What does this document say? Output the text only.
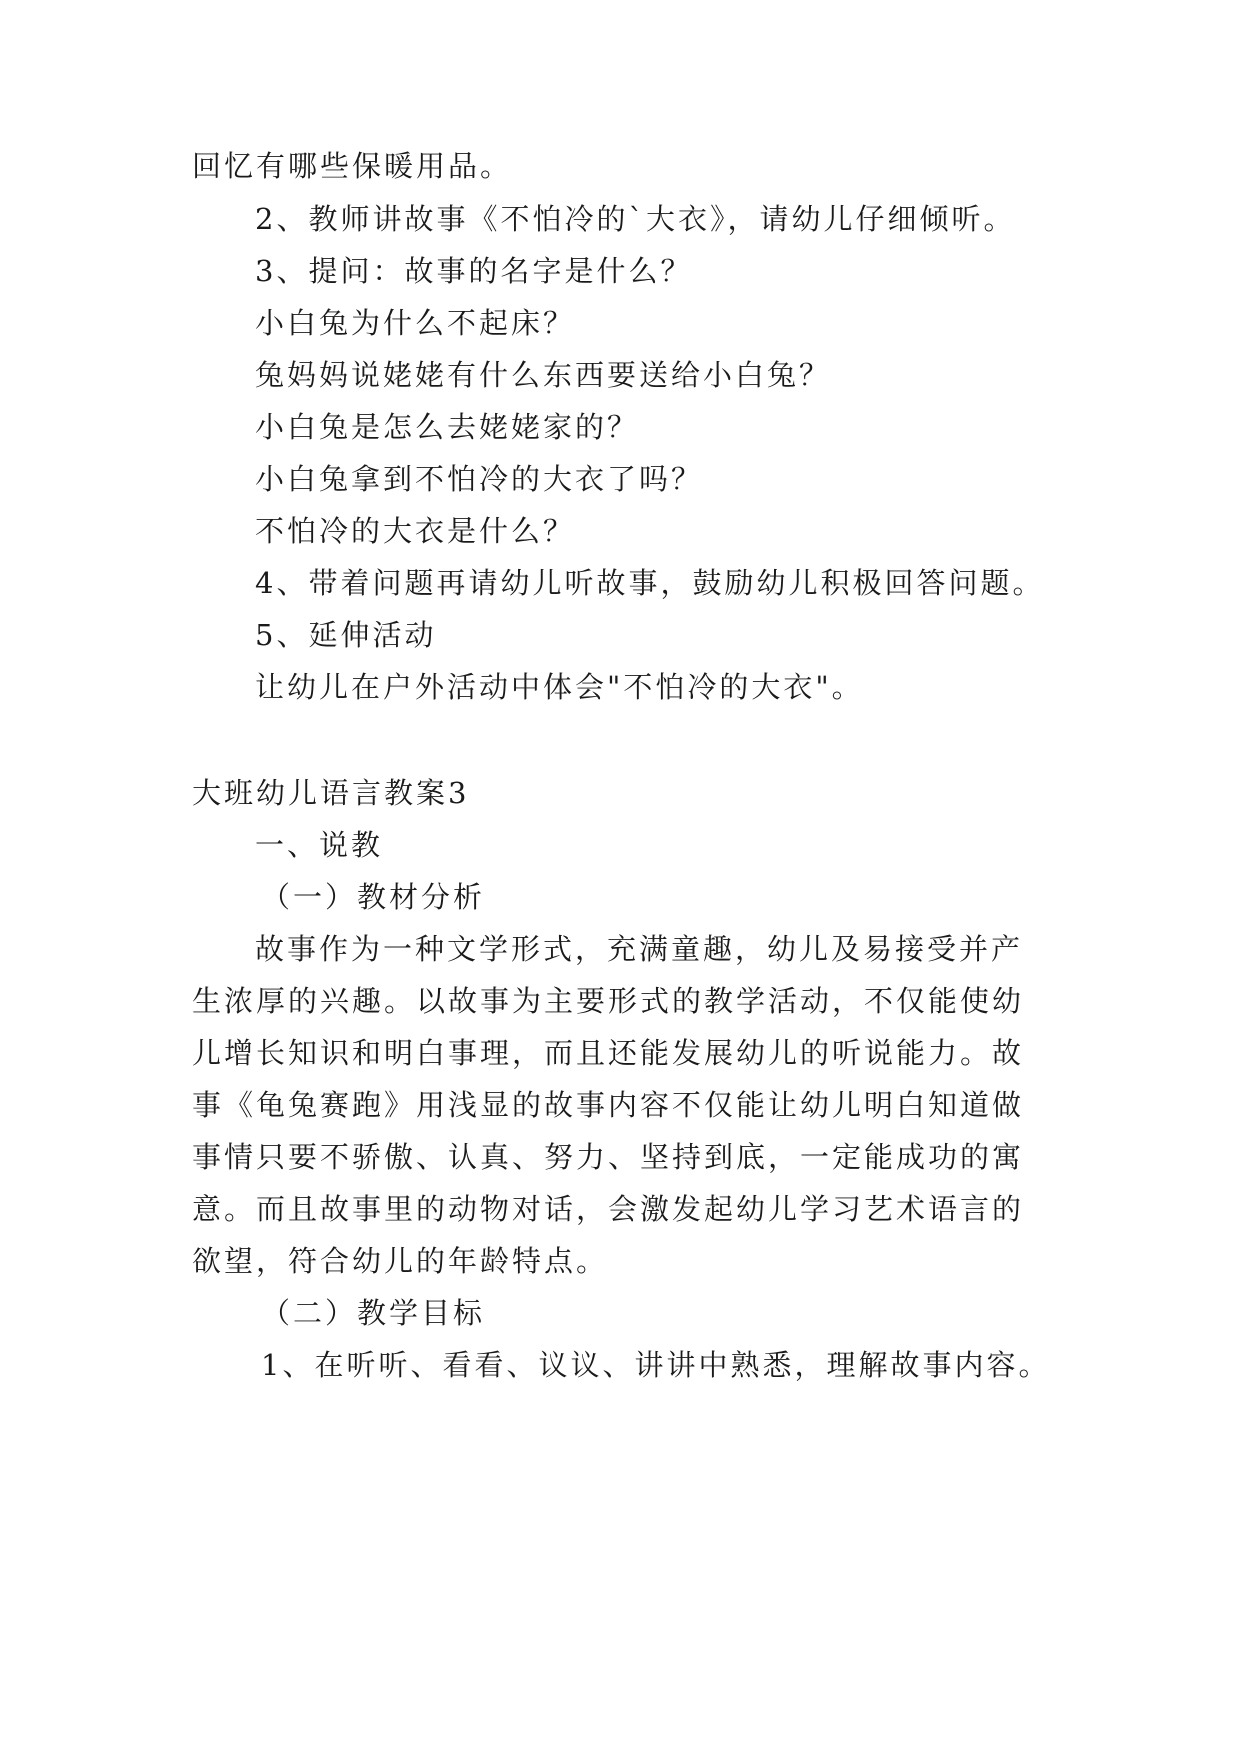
回忆有哪些保暖用品。
2、教师讲故事《不怕冷的`大衣》，请幼儿仔细倾听。
3、提问：故事的名字是什么？
小白兔为什么不起床？
兔妈妈说姥姥有什么东西要送给小白兔？
小白兔是怎么去姥姥家的？
小白兔拿到不怕冷的大衣了吗？
不怕冷的大衣是什么？
4、带着问题再请幼儿听故事，鼓励幼儿积极回答问题。
5、延伸活动
让幼儿在户外活动中体会"不怕冷的大衣"。
大班幼儿语言教案3
一、说教
（一）教材分析
故事作为一种文学形式，充满童趣，幼儿及易接受并产
生浓厚的兴趣。以故事为主要形式的教学活动，不仅能使幼
儿增长知识和明白事理，而且还能发展幼儿的听说能力。故
事《龟兔赛跑》用浅显的故事内容不仅能让幼儿明白知道做
事情只要不骄傲、认真、努力、坚持到底，一定能成功的寓
意。而且故事里的动物对话，会激发起幼儿学习艺术语言的
欲望，符合幼儿的年龄特点。
（二）教学目标
1、在听听、看看、议议、讲讲中熟悉，理解故事内容。
